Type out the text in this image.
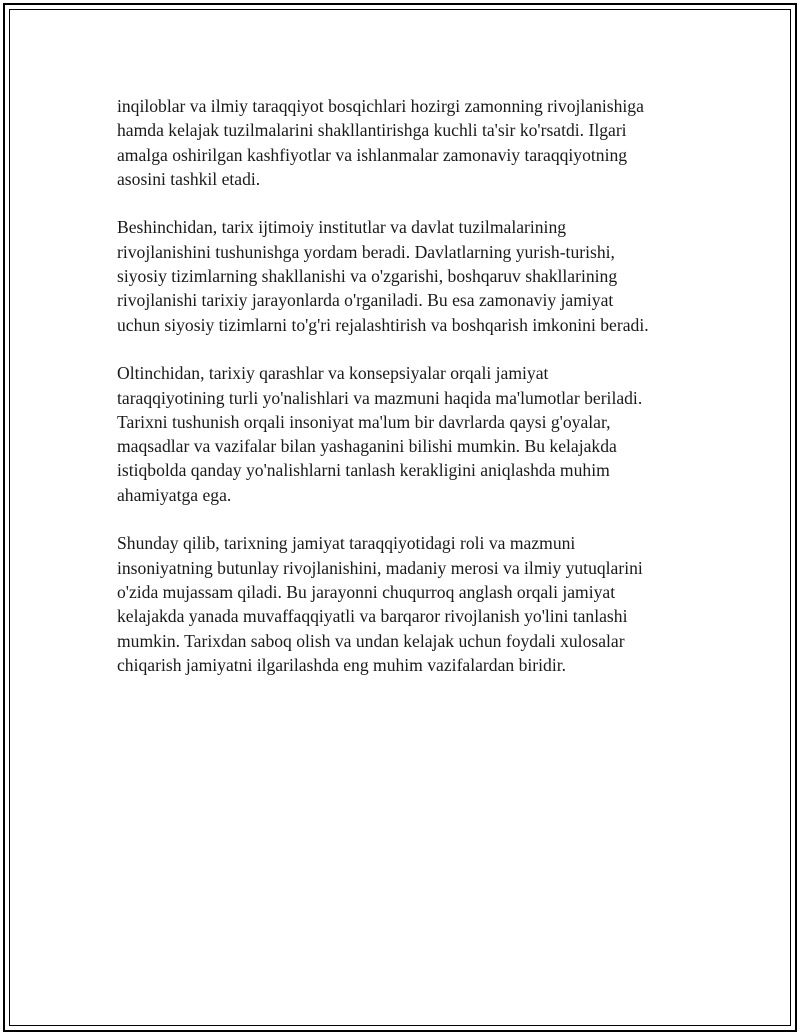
inqiloblar va ilmiy taraqqiyot bosqichlari hozirgi zamonning rivojlanishiga
hamda kelajak tuzilmalarini shakllantirishga kuchli ta'sir ko'rsatdi. Ilgari
amalga oshirilgan kashfiyotlar va ishlanmalar zamonaviy taraqqiyotning
asosini tashkil etadi.

Beshinchidan, tarix ijtimoiy institutlar va davlat tuzilmalarining
rivojlanishini tushunishga yordam beradi. Davlatlarning yurish-turishi,
siyosiy tizimlarning shakllanishi va o'zgarishi, boshqaruv shakllarining
rivojlanishi tarixiy jarayonlarda o'rganiladi. Bu esa zamonaviy jamiyat
uchun siyosiy tizimlarni to'g'ri rejalashtirish va boshqarish imkonini beradi.

Oltinchidan, tarixiy qarashlar va konsepsiyalar orqali jamiyat
taraqqiyotining turli yo'nalishlari va mazmuni haqida ma'lumotlar beriladi.
Tarixni tushunish orqali insoniyat ma'lum bir davrlarda qaysi g'oyalar,
maqsadlar va vazifalar bilan yashaganini bilishi mumkin. Bu kelajakda
istiqbolda qanday yo'nalishlarni tanlash kerakligini aniqlashda muhim
ahamiyatga ega.

Shunday qilib, tarixning jamiyat taraqqiyotidagi roli va mazmuni
insoniyatning butunlay rivojlanishini, madaniy merosi va ilmiy yutuqlarini
o'zida mujassam qiladi. Bu jarayonni chuqurroq anglash orqali jamiyat
kelajakda yanada muvaffaqqiyatli va barqaror rivojlanish yo'lini tanlashi
mumkin. Tarixdan saboq olish va undan kelajak uchun foydali xulosalar
chiqarish jamiyatni ilgarilashda eng muhim vazifalardan biridir.
